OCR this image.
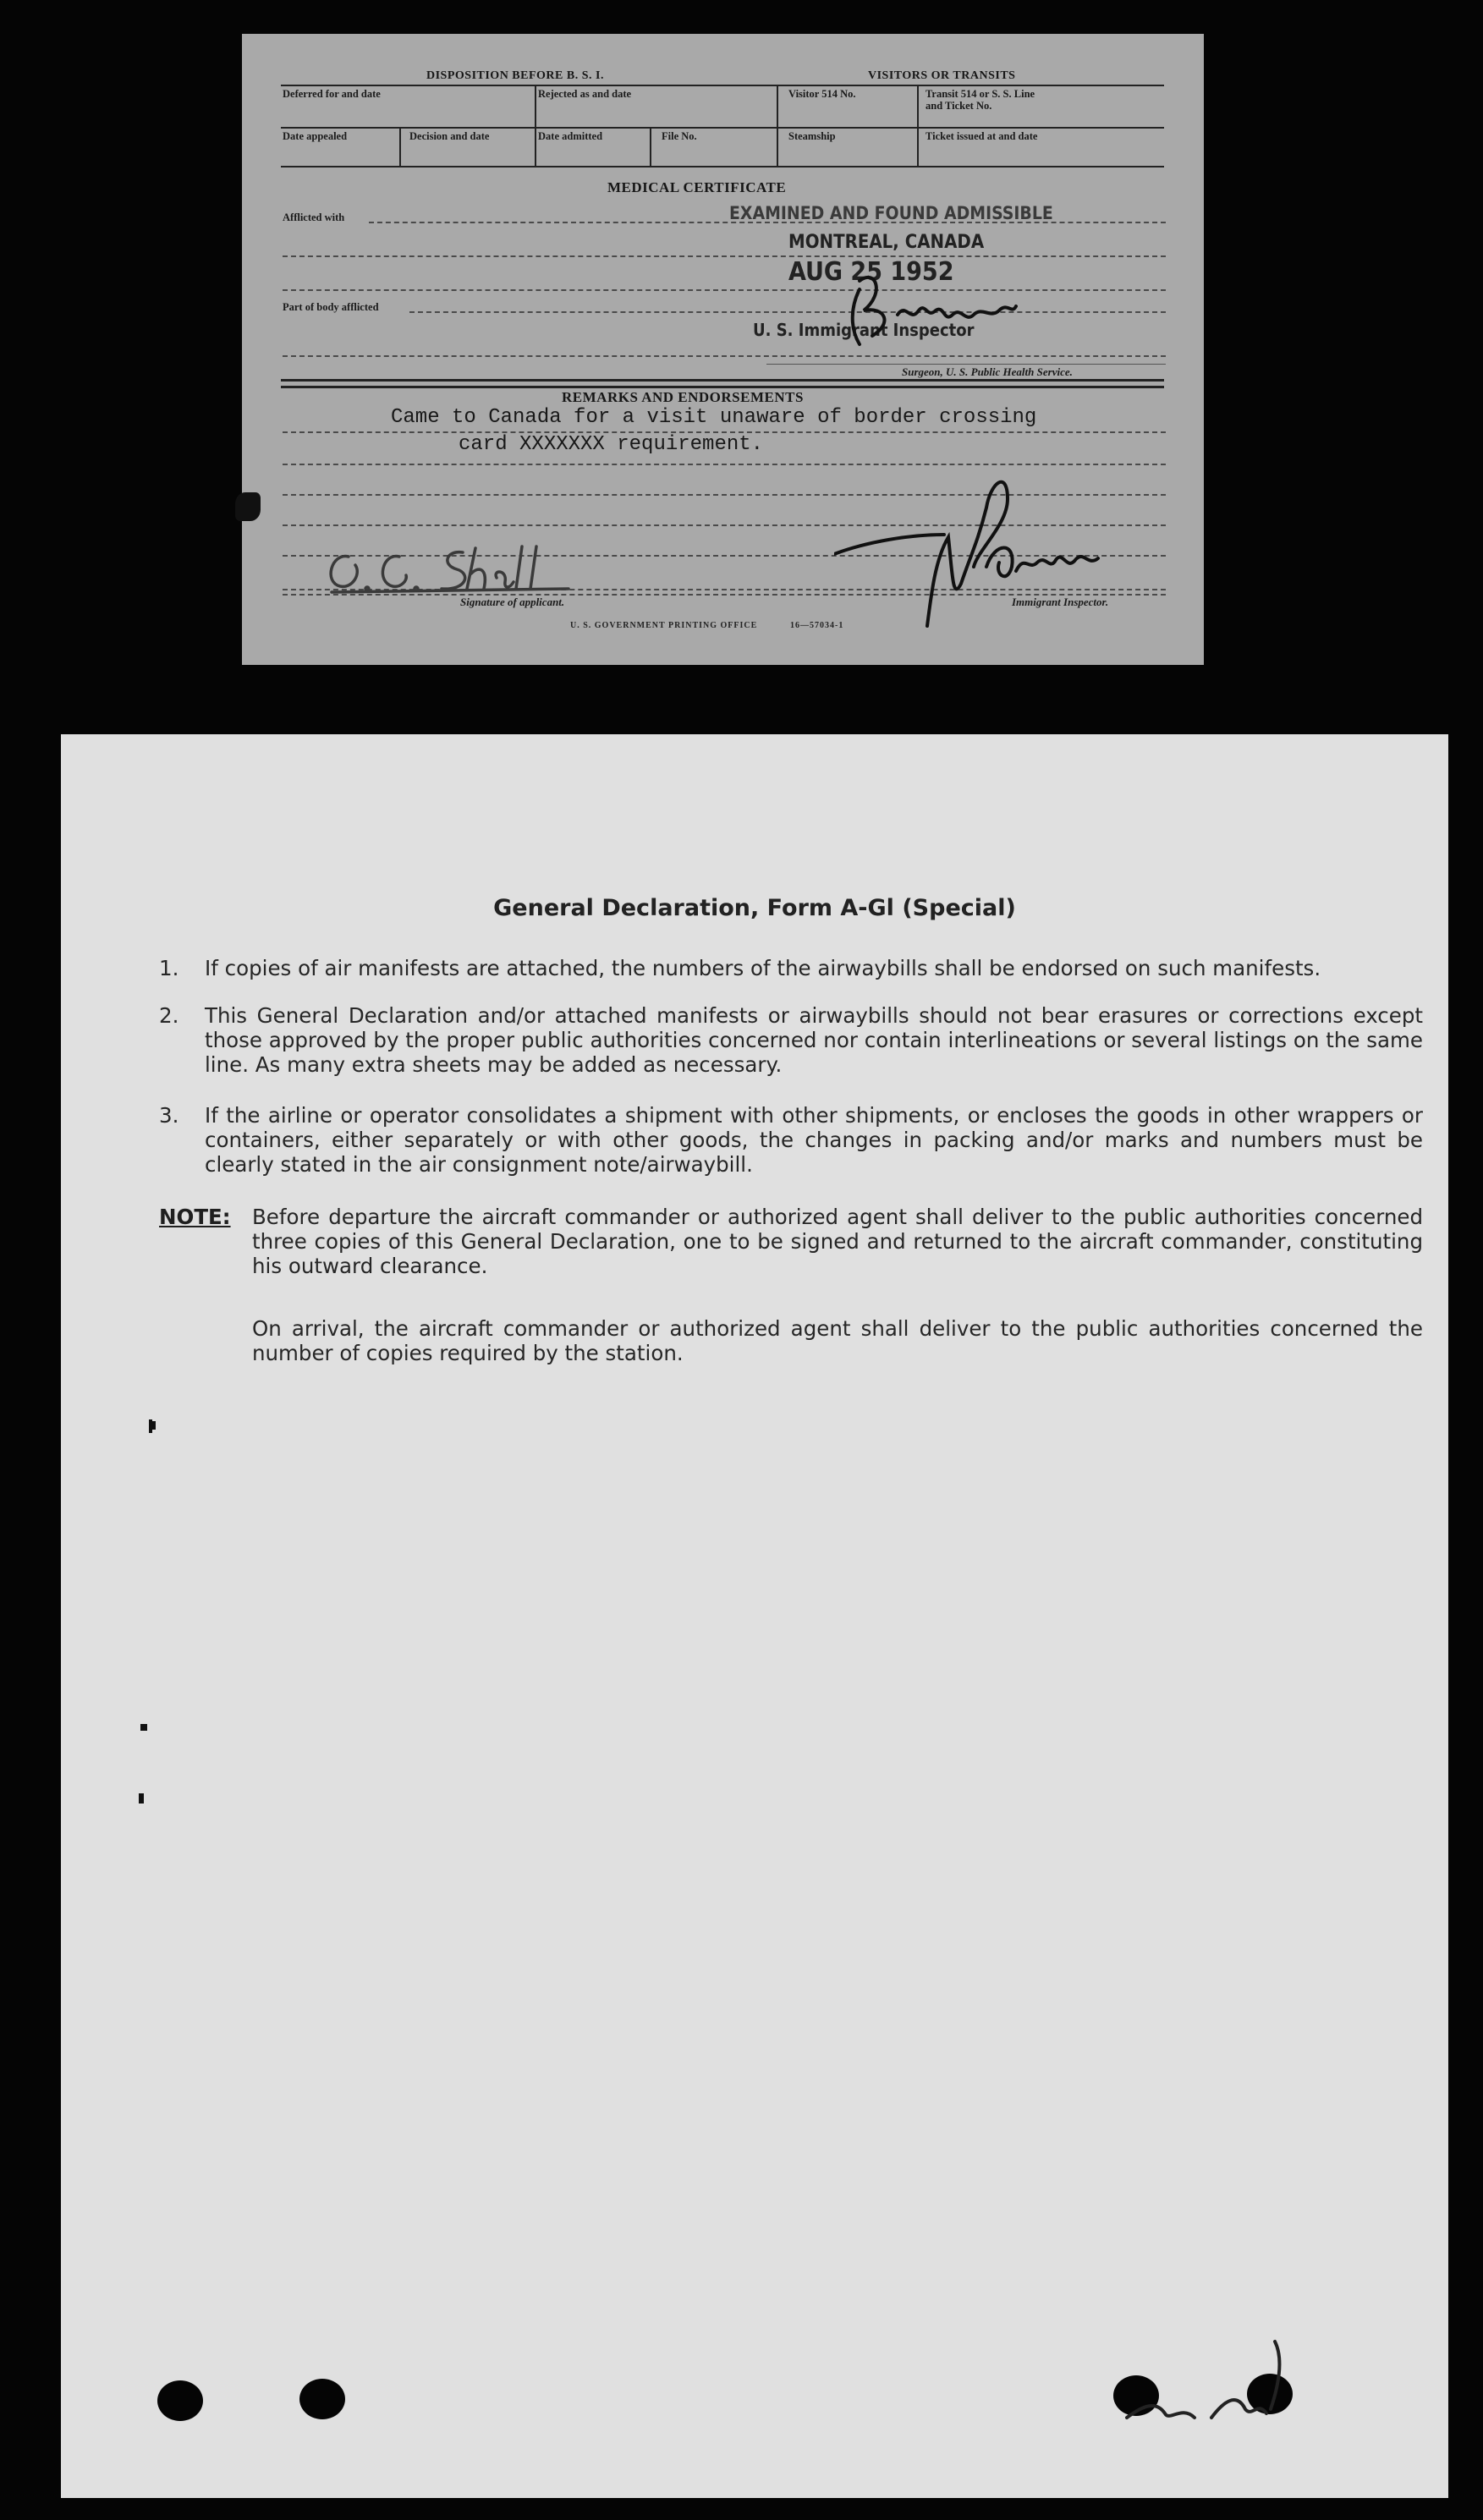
DISPOSITION BEFORE B. S. I.	VISITORS OR TRANSITS
Deferred for and date	Rejected as and date	Visitor 514 No.	Transit 514 or S. S. Line
and Ticket No.
Date appealed	Decision and date	Date admitted	File No.	Steamship	Ticket issued at and date
MEDICAL CERTIFICATE
Afflicted with
Part of body afflicted
EXAMINED AND FOUND ADMISSIBLE
MONTREAL, CANADA
AUG 25 1952
U. S. Immigrant Inspector
Surgeon, U. S. Public Health Service.
REMARKS AND ENDORSEMENTS
Came to Canada for a visit unaware of border crossing
card XXXXXXX requirement.
Signature of applicant.	Immigrant Inspector.
U. S. GOVERNMENT PRINTING OFFICE	16—57034-1
General Declaration, Form A-Gl (Special)
1. If copies of air manifests are attached, the numbers of the airwaybills shall be endorsed on such manifests.
2. This General Declaration and/or attached manifests or airwaybills should not bear erasures or corrections except those approved by the proper public authorities concerned nor contain interlineations or several listings on the same line. As many extra sheets may be added as necessary.
3. If the airline or operator consolidates a shipment with other shipments, or encloses the goods in other wrappers or containers, either separately or with other goods, the changes in packing and/or marks and numbers must be clearly stated in the air consignment note/airwaybill.
NOTE: Before departure the aircraft commander or authorized agent shall deliver to the public authorities concerned three copies of this General Declaration, one to be signed and returned to the aircraft commander, constituting his outward clearance.
On arrival, the aircraft commander or authorized agent shall deliver to the public authorities concerned the number of copies required by the station.
